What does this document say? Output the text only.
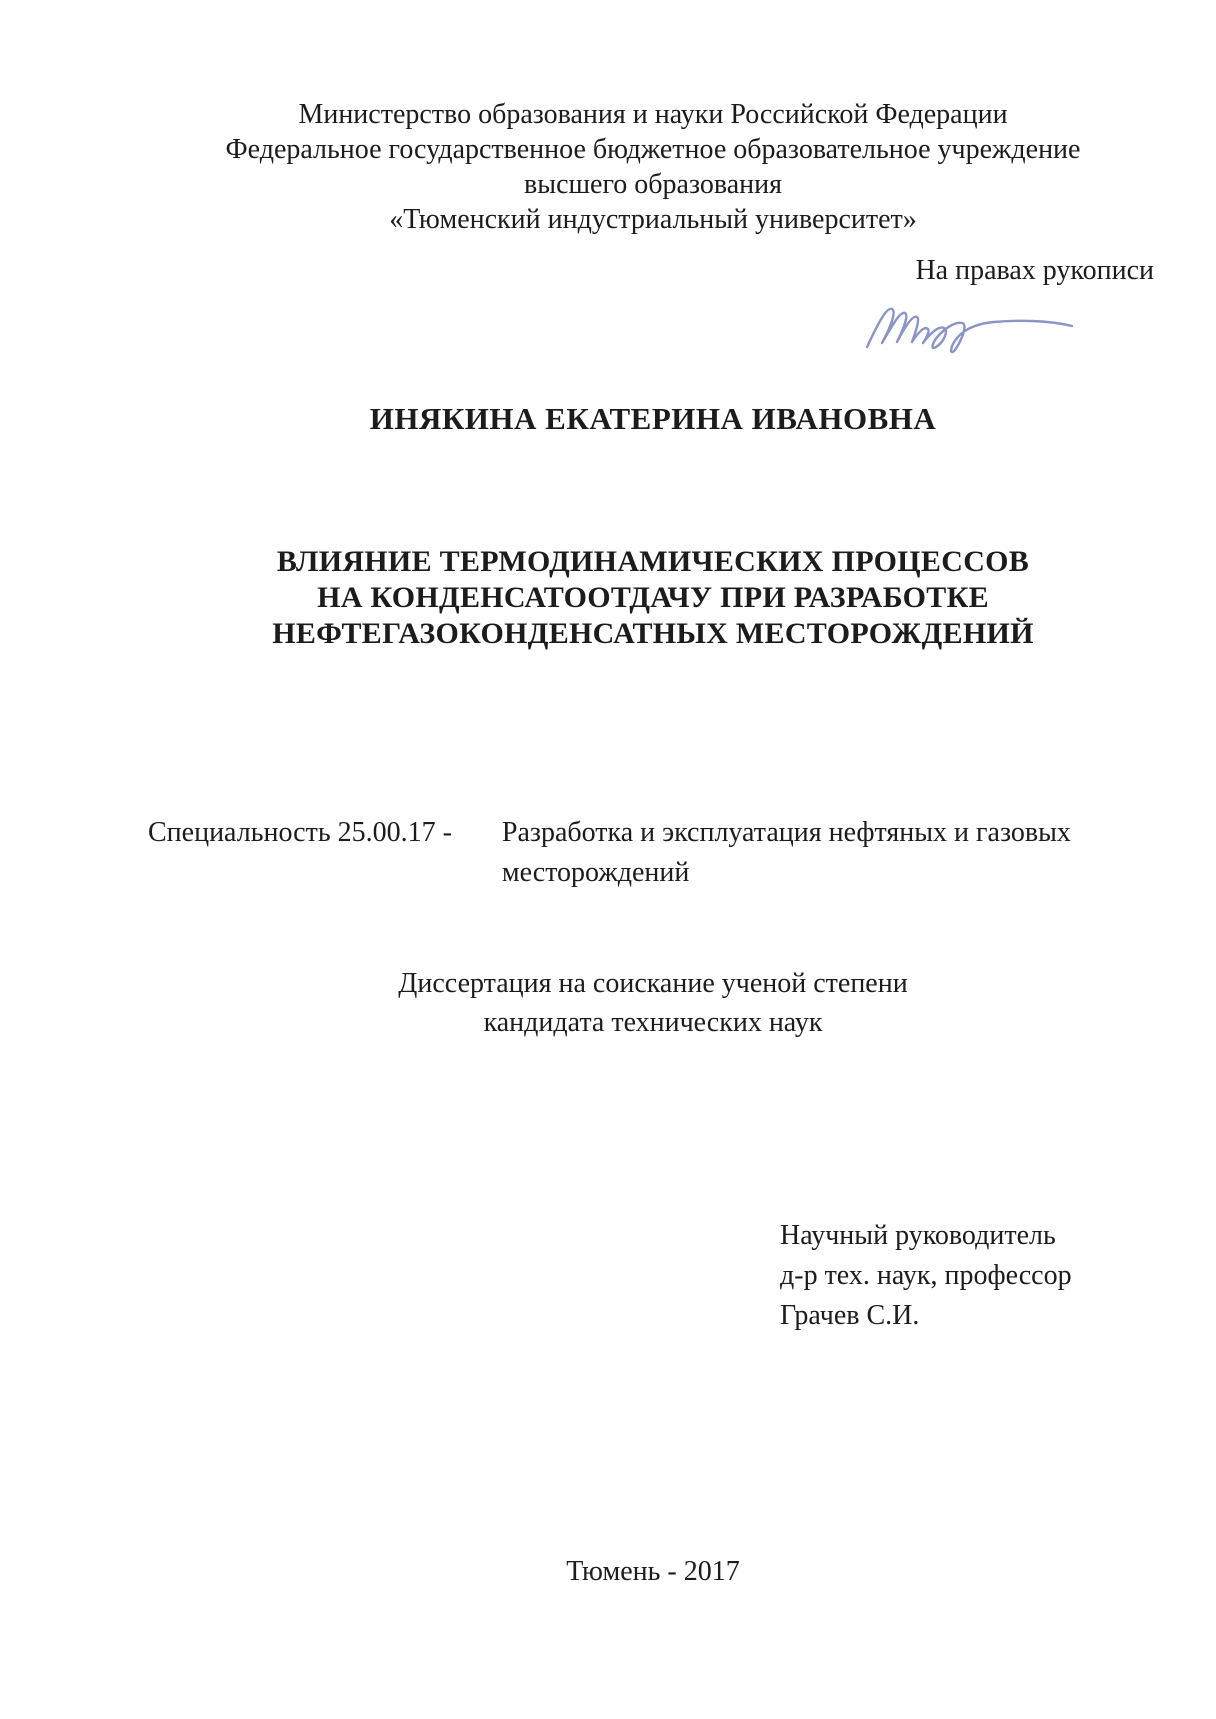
Министерство образования и науки Российской Федерации
Федеральное государственное бюджетное образовательное учреждение
высшего образования
«Тюменский индустриальный университет»
На правах рукописи
ИНЯКИНА ЕКАТЕРИНА ИВАНОВНА
ВЛИЯНИЕ ТЕРМОДИНАМИЧЕСКИХ ПРОЦЕССОВ
НА КОНДЕНСАТООТДАЧУ ПРИ РАЗРАБОТКЕ
НЕФТЕГАЗОКОНДЕНСАТНЫХ МЕСТОРОЖДЕНИЙ
Специальность 25.00.17 - Разработка и эксплуатация нефтяных и газовых
месторождений
Диссертация на соискание ученой степени
кандидата технических наук
Научный руководитель
д-р тех. наук, профессор
Грачев С.И.
Тюмень - 2017
